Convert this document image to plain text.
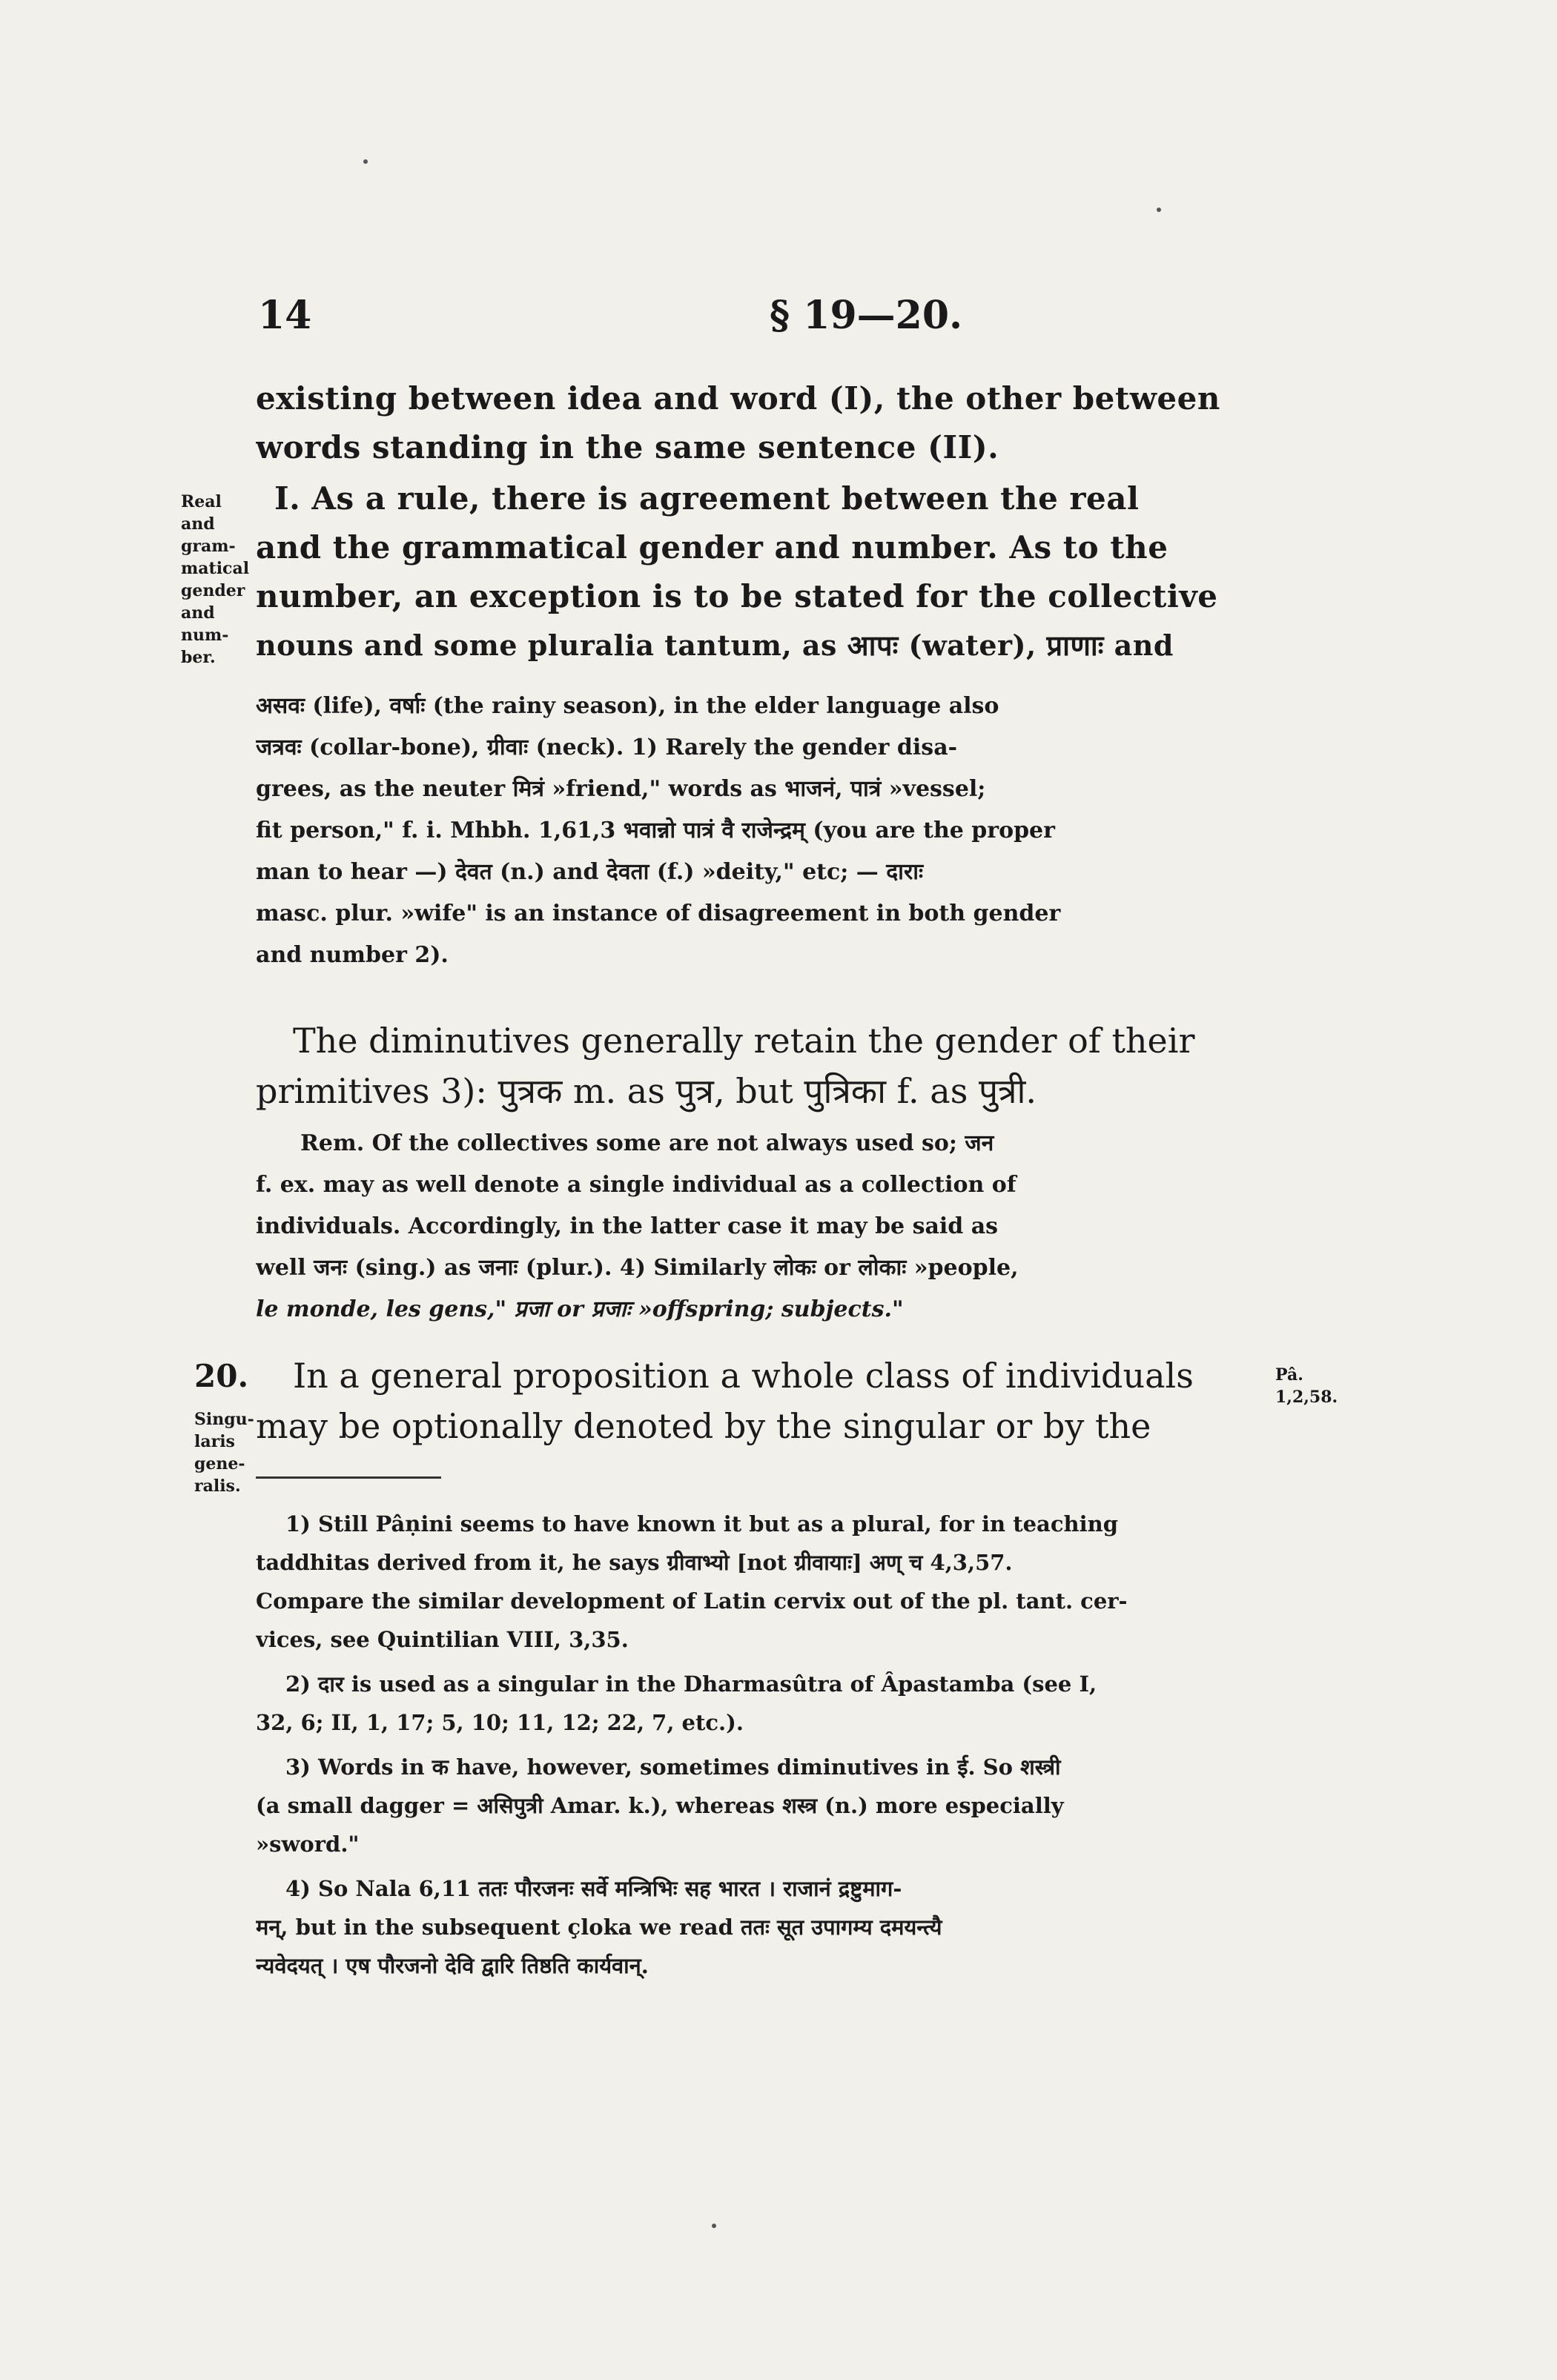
14	§ 19—20.
existing between idea and word (I), the other between
words standing in the same sentence (II).
Real
and
gram-
matical
gender
and
num-
ber.
I. As a rule, there is agreement between the real
and the grammatical gender and number. As to the
number, an exception is to be stated for the collective
nouns and some pluralia tantum, as आपः (water), प्राणाः and
असवः (life), वर्षाः (the rainy season), in the elder language also
जत्रवः (collar-bone), ग्रीवाः (neck). 1) Rarely the gender disa-
grees, as the neuter मित्रं »friend," words as भाजनं, पात्रं »vessel;
fit person," f. i. Mhbh. 1,61,3 भवान्नो पात्रं वै राजेन्द्रम् (you are the proper
man to hear —) देवत (n.) and देवता (f.) »deity," etc; — दाराः
masc. plur. »wife" is an instance of disagreement in both gender
and number 2).
The diminutives generally retain the gender of their
primitives 3): पुत्रक m. as पुत्र, but पुत्रिका f. as पुत्री.
Rem. Of the collectives some are not always used so; जन
f. ex. may as well denote a single individual as a collection of
individuals. Accordingly, in the latter case it may be said as
well जनः (sing.) as जनाः (plur.). 4) Similarly लोकः or लोकाः »people,
le monde, les gens," प्रजा or प्रजाः »offspring; subjects."
20.
Singu-
laris
gene-
ralis.
Pâ.
1,2,58.
In a general proposition a whole class of individuals
may be optionally denoted by the singular or by the
1) Still Pâṇini seems to have known it but as a plural, for in teaching
taddhitas derived from it, he says ग्रीवाभ्यो [not ग्रीवायाः] अण् च 4,3,57.
Compare the similar development of Latin cervix out of the pl. tant. cer-
vices, see Quintilian VIII, 3,35.
2) दार is used as a singular in the Dharmasûtra of Âpastamba (see I,
32, 6; II, 1, 17; 5, 10; 11, 12; 22, 7, etc.).
3) Words in क have, however, sometimes diminutives in ई. So शस्त्री
(a small dagger = असिपुत्री Amar. k.), whereas शस्त्र (n.) more especially
»sword."
4) So Nala 6,11 ततः पौरजनः सर्वे मन्त्रिभिः सह भारत । राजानं द्रष्टुमाग-
मन्, but in the subsequent çloka we read ततः सूत उपागम्य दमयन्त्यै
न्यवेदयत् । एष पौरजनो देवि द्वारि तिष्ठति कार्यवान्.
